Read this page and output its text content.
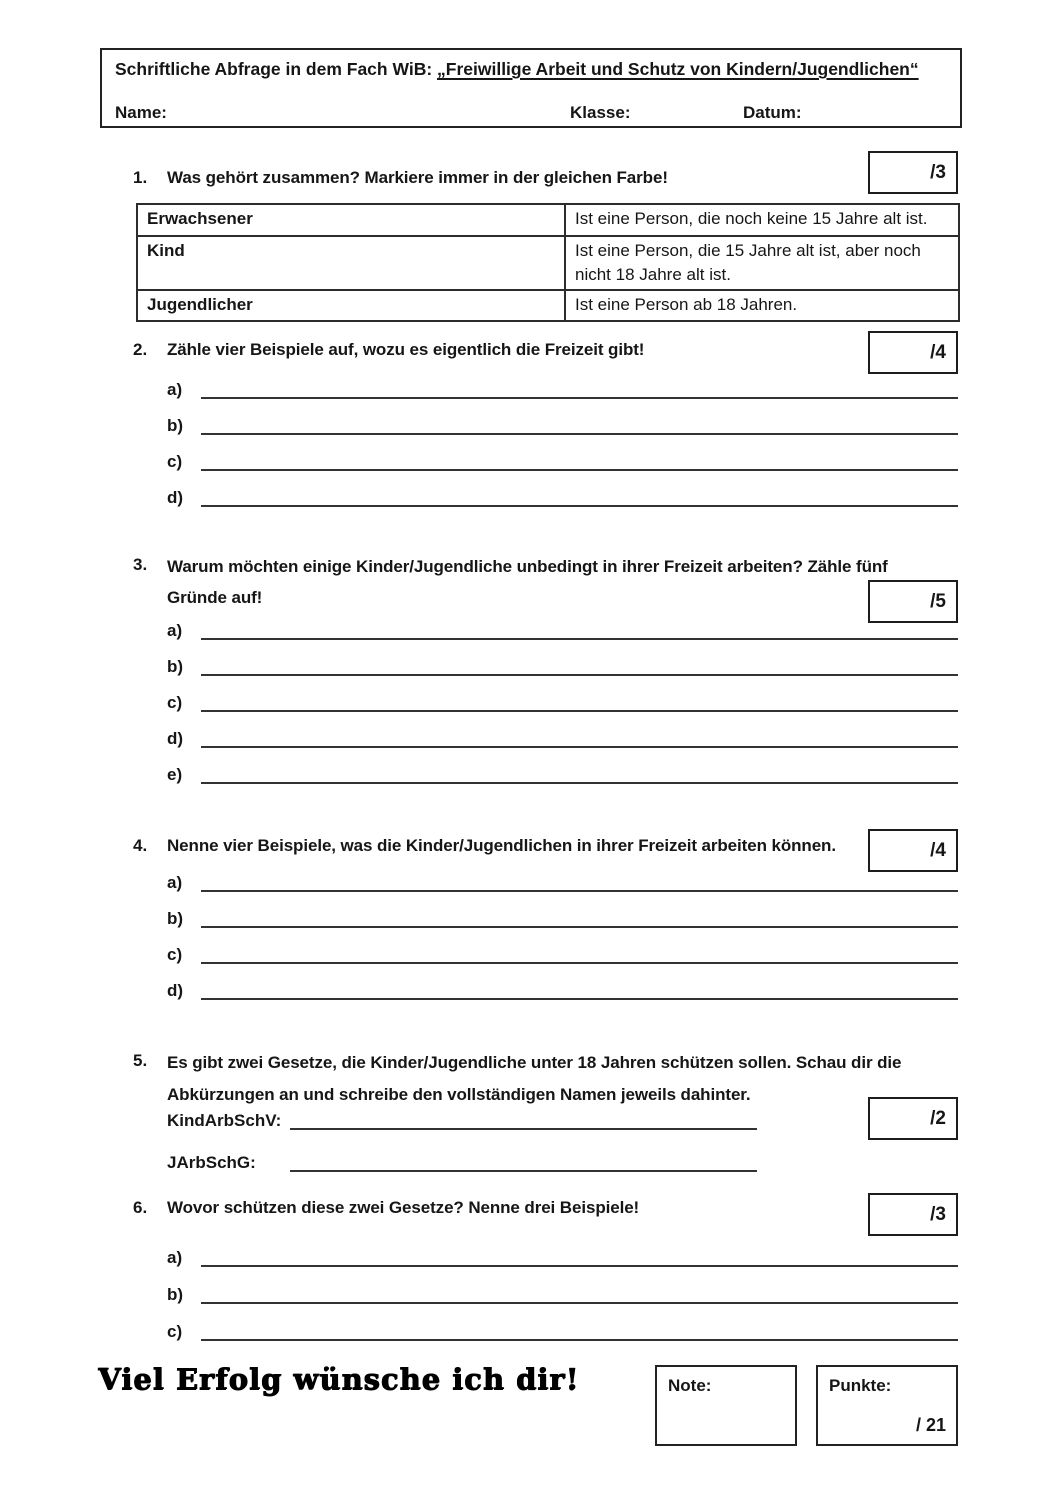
Schriftliche Abfrage in dem Fach WiB: „Freiwillige Arbeit und Schutz von Kindern/Jugendlichen“
Name:	Klasse:	Datum:
1. Was gehört zusammen? Markiere immer in der gleichen Farbe!	/3
Erwachsener	Ist eine Person, die noch keine 15 Jahre alt ist.
Kind	Ist eine Person, die 15 Jahre alt ist, aber noch nicht 18 Jahre alt ist.
Jugendlicher	Ist eine Person ab 18 Jahren.
2. Zähle vier Beispiele auf, wozu es eigentlich die Freizeit gibt!	/4
a)
b)
c)
d)
3. Warum möchten einige Kinder/Jugendliche unbedingt in ihrer Freizeit arbeiten? Zähle fünf
Gründe auf!	/5
a)
b)
c)
d)
e)
4. Nenne vier Beispiele, was die Kinder/Jugendlichen in ihrer Freizeit arbeiten können.	/4
a)
b)
c)
d)
5. Es gibt zwei Gesetze, die Kinder/Jugendliche unter 18 Jahren schützen sollen. Schau dir die
Abkürzungen an und schreibe den vollständigen Namen jeweils dahinter.
/2
KindArbSchV:
JArbSchG:
6. Wovor schützen diese zwei Gesetze? Nenne drei Beispiele!	/3
a)
b)
c)
Viel Erfolg wünsche ich dir!	Note:	Punkte:
/ 21
